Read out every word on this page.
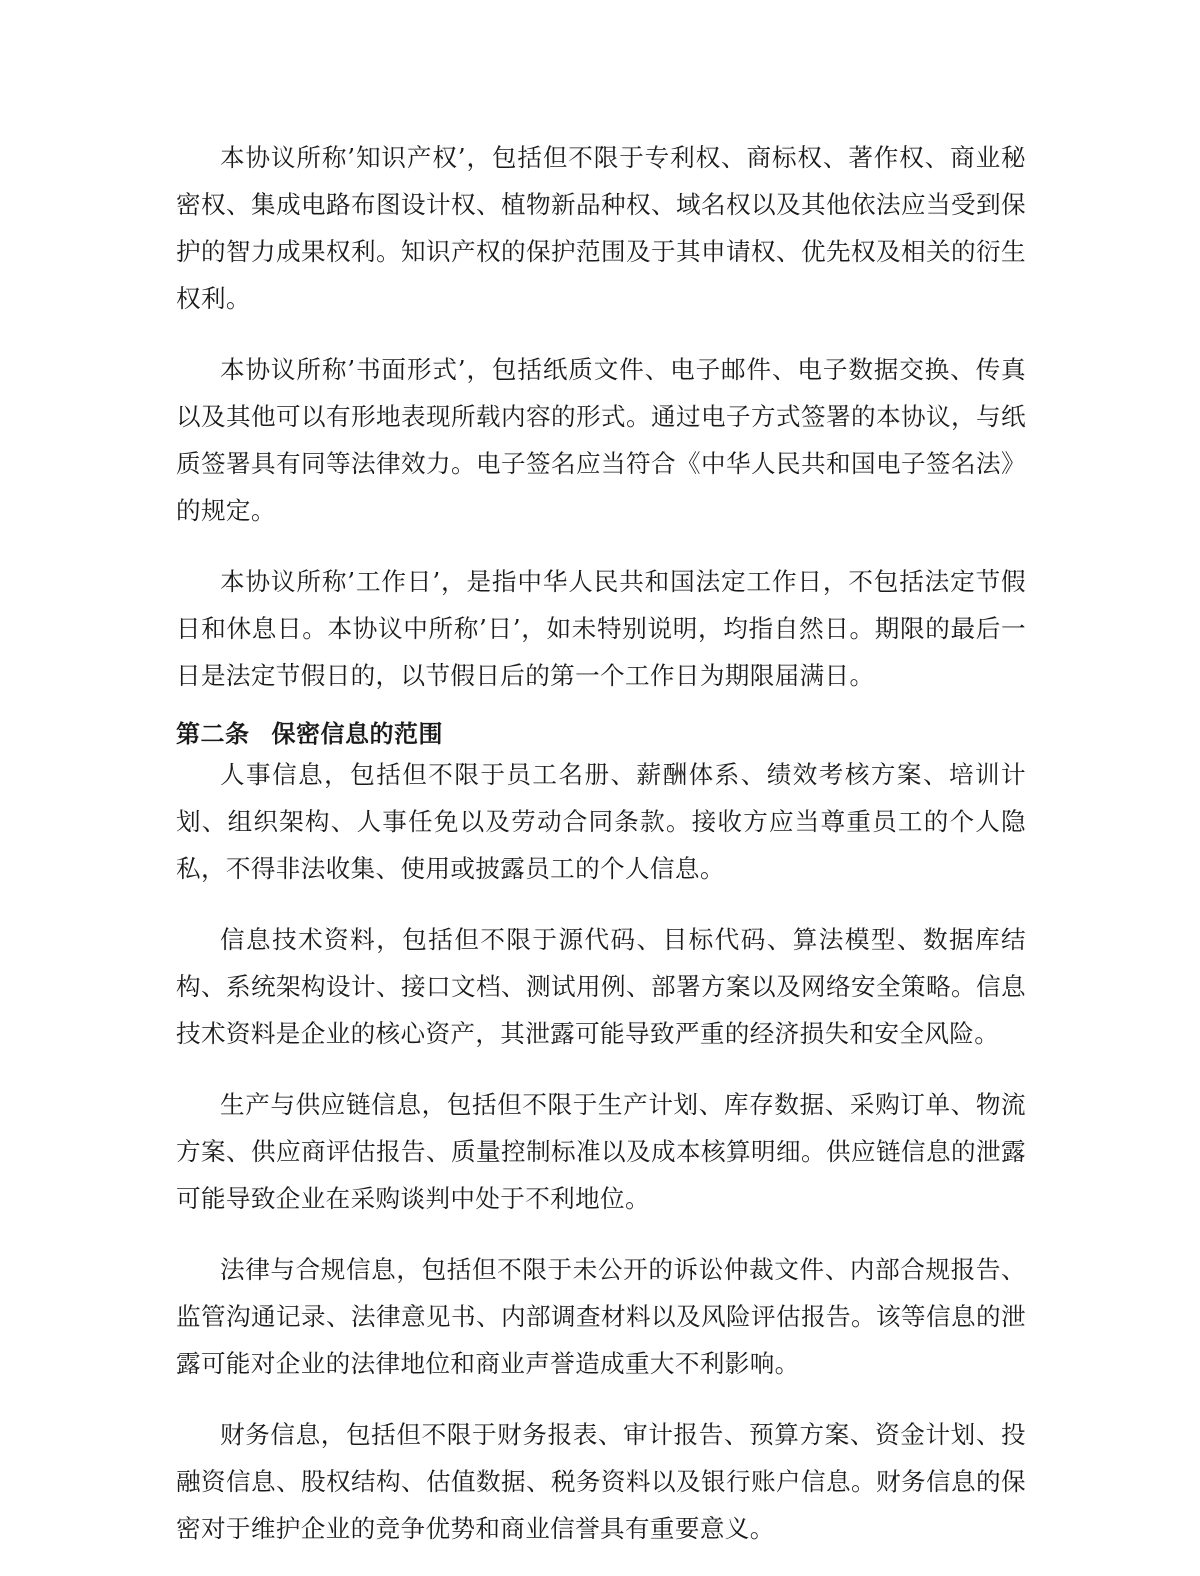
本协议所称’知识产权’，包括但不限于专利权、商标权、著作权、商业秘密权、集成电路布图设计权、植物新品种权、域名权以及其他依法应当受到保护的智力成果权利。知识产权的保护范围及于其申请权、优先权及相关的衍生权利。

本协议所称’书面形式’，包括纸质文件、电子邮件、电子数据交换、传真以及其他可以有形地表现所载内容的形式。通过电子方式签署的本协议，与纸质签署具有同等法律效力。电子签名应当符合《中华人民共和国电子签名法》的规定。

本协议所称’工作日’，是指中华人民共和国法定工作日，不包括法定节假日和休息日。本协议中所称’日’，如未特别说明，均指自然日。期限的最后一日是法定节假日的，以节假日后的第一个工作日为期限届满日。

第二条 保密信息的范围

人事信息，包括但不限于员工名册、薪酬体系、绩效考核方案、培训计划、组织架构、人事任免以及劳动合同条款。接收方应当尊重员工的个人隐私，不得非法收集、使用或披露员工的个人信息。

信息技术资料，包括但不限于源代码、目标代码、算法模型、数据库结构、系统架构设计、接口文档、测试用例、部署方案以及网络安全策略。信息技术资料是企业的核心资产，其泄露可能导致严重的经济损失和安全风险。

生产与供应链信息，包括但不限于生产计划、库存数据、采购订单、物流方案、供应商评估报告、质量控制标准以及成本核算明细。供应链信息的泄露可能导致企业在采购谈判中处于不利地位。

法律与合规信息，包括但不限于未公开的诉讼仲裁文件、内部合规报告、监管沟通记录、法律意见书、内部调查材料以及风险评估报告。该等信息的泄露可能对企业的法律地位和商业声誉造成重大不利影响。

财务信息，包括但不限于财务报表、审计报告、预算方案、资金计划、投融资信息、股权结构、估值数据、税务资料以及银行账户信息。财务信息的保密对于维护企业的竞争优势和商业信誉具有重要意义。
